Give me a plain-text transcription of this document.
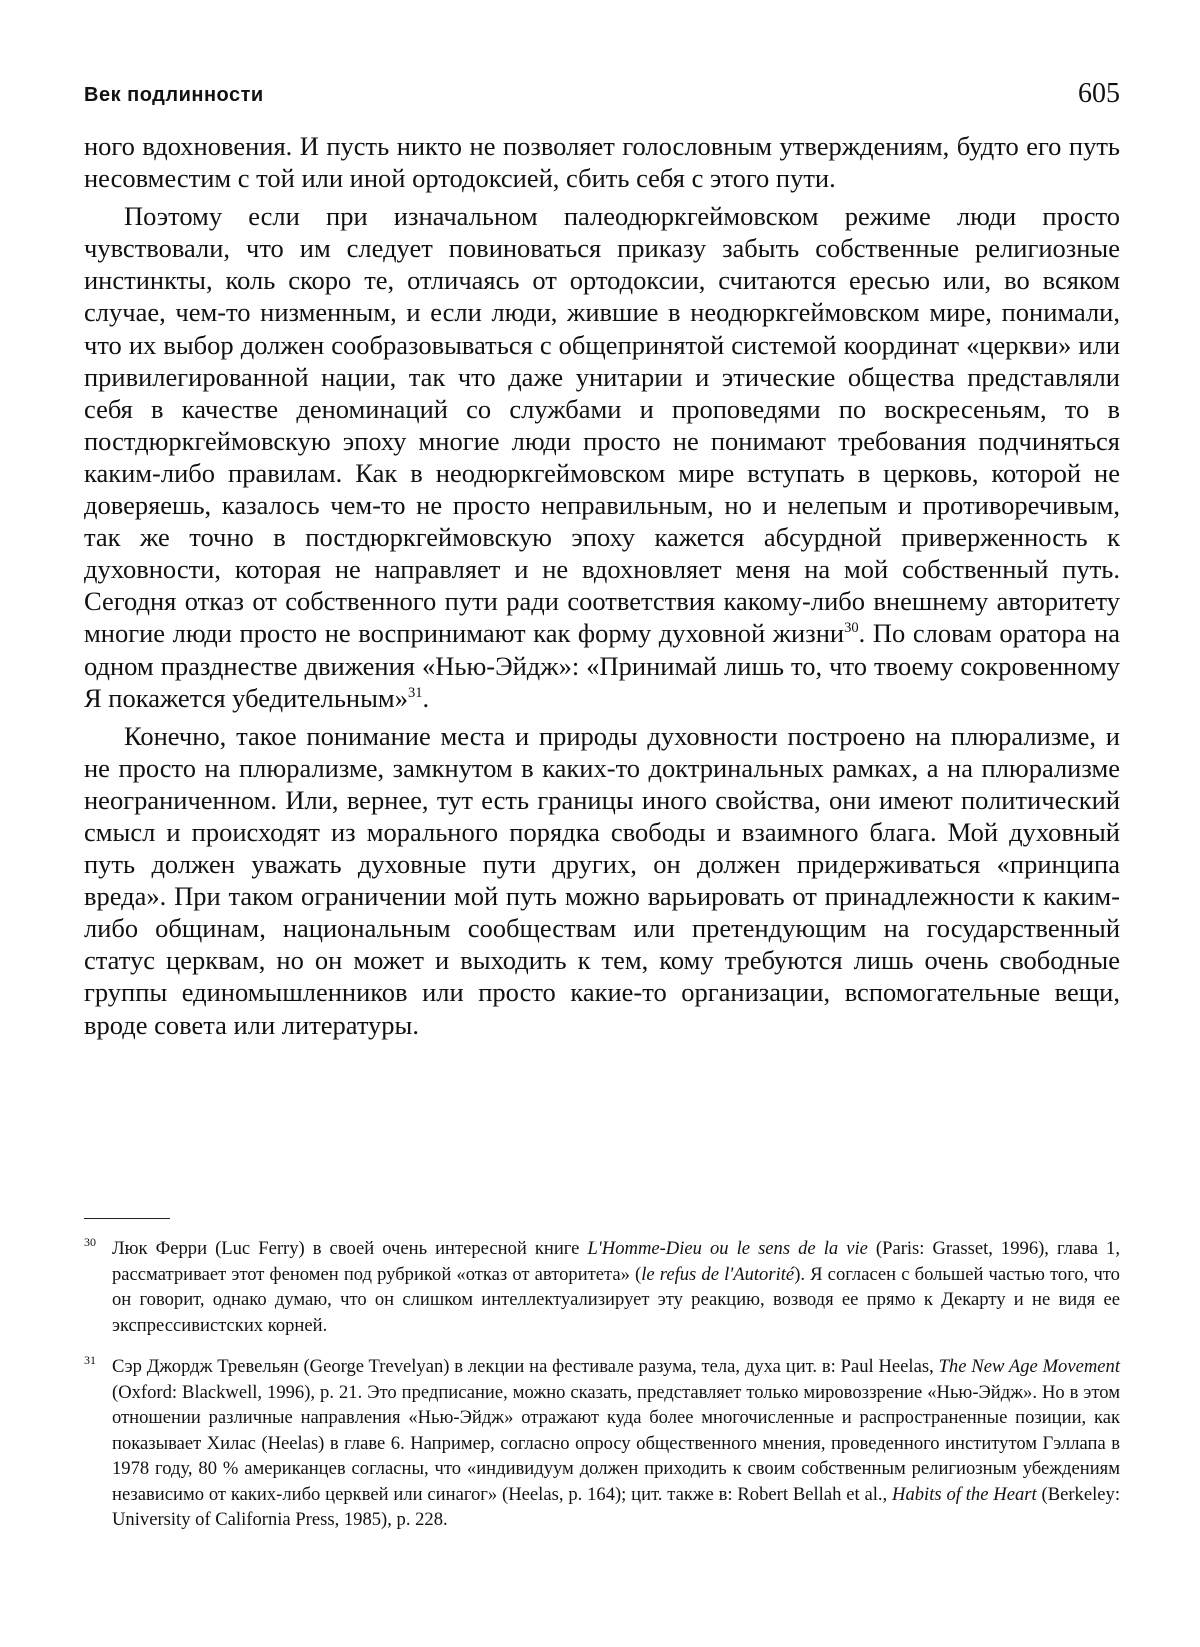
Век подлинности	605

ного вдохновения. И пусть никто не позволяет голословным утверждениям, будто его путь несовместим с той или иной ортодоксией, сбить себя с этого пути.

Поэтому если при изначальном палеодюркгеймовском режиме люди просто чувствовали, что им следует повиноваться приказу забыть собственные религиозные инстинкты, коль скоро те, отличаясь от ортодоксии, считаются ересью или, во всяком случае, чем-то низменным, и если люди, жившие в неодюркгеймовском мире, понимали, что их выбор должен сообразовываться с общепринятой системой координат «церкви» или привилегированной нации, так что даже унитарии и этические общества представляли себя в качестве деноминаций со службами и проповедями по воскресеньям, то в постдюркгеймовскую эпоху многие люди просто не понимают требования подчиняться каким-либо правилам. Как в неодюркгеймовском мире вступать в церковь, которой не доверяешь, казалось чем-то не просто неправильным, но и нелепым и противоречивым, так же точно в постдюркгеймовскую эпоху кажется абсурдной приверженность к духовности, которая не направляет и не вдохновляет меня на мой собственный путь. Сегодня отказ от собственного пути ради соответствия какому-либо внешнему авторитету многие люди просто не воспринимают как форму духовной жизни$^{30}$. По словам оратора на одном празднестве движения «Нью-Эйдж»: «Принимай лишь то, что твоему сокровенному Я покажется убедительным»$^{31}$.

Конечно, такое понимание места и природы духовности построено на плюрализме, и не просто на плюрализме, замкнутом в каких-то доктринальных рамках, а на плюрализме неограниченном. Или, вернее, тут есть границы иного свойства, они имеют политический смысл и происходят из морального порядка свободы и взаимного блага. Мой духовный путь должен уважать духовные пути других, он должен придерживаться «принципа вреда». При таком ограничении мой путь можно варьировать от принадлежности к каким-либо общинам, национальным сообществам или претендующим на государственный статус церквам, но он может и выходить к тем, кому требуются лишь очень свободные группы единомышленников или просто какие-то организации, вспомогательные вещи, вроде совета или литературы.

30 Люк Ферри (Luc Ferry) в своей очень интересной книге L'Homme-Dieu ou le sens de la vie (Paris: Grasset, 1996), глава 1, рассматривает этот феномен под рубрикой «отказ от авторитета» (le refus de l'Autorité). Я согласен с большей частью того, что он говорит, однако думаю, что он слишком интеллектуализирует эту реакцию, возводя ее прямо к Декарту и не видя ее экспрессивистских корней.
31 Сэр Джордж Тревельян (George Trevelyan) в лекции на фестивале разума, тела, духа цит. в: Paul Heelas, The New Age Movement (Oxford: Blackwell, 1996), p. 21. Это предписание, можно сказать, представляет только мировоззрение «Нью-Эйдж». Но в этом отношении различные направления «Нью-Эйдж» отражают куда более многочисленные и распространенные позиции, как показывает Хилас (Heelas) в главе 6. Например, согласно опросу общественного мнения, проведенного институтом Гэллапа в 1978 году, 80 % американцев согласны, что «индивидуум должен приходить к своим собственным религиозным убеждениям независимо от каких-либо церквей или синагог» (Heelas, p. 164); цит. также в: Robert Bellah et al., Habits of the Heart (Berkeley: University of California Press, 1985), p. 228.
